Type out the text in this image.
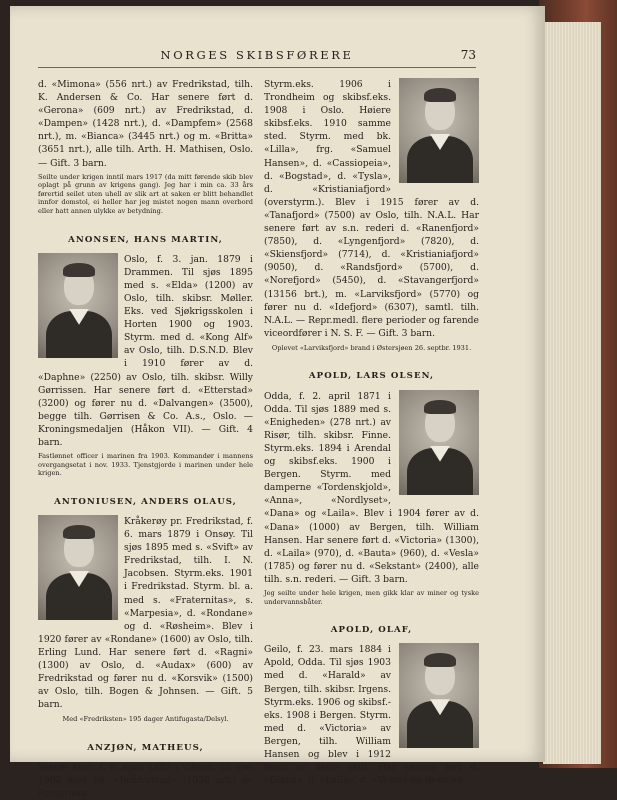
NORGES SKIBSFØRERE	73

d. «Mimona» (556 nrt.) av Fredrikstad, tilh. K. Andersen & Co. Har senere ført d. «Gerona» (609 nrt.) av Fredrikstad, d. «Dampen» (1428 nrt.), d. «Dampfem» (2568 nrt.), m. «Bianca» (3445 nrt.) og m. «Britta» (3651 nrt.), alle tilh. Arth. H. Mathisen, Oslo. — Gift. 3 barn.

Seilte under krigen inntil mars 1917 (da mitt førende skib blev oplagt på grunn av krigens gang). Jeg har i min ca. 33 års førertid seilet uten uhell av slik art at saken er blitt behandlet innfor domstol, ei heller har jeg mistet nogen mann overbord eller hatt annen ulykke av betydning.

ANONSEN, HANS MARTIN,

Oslo, f. 3. jan. 1879 i Drammen. Til sjøs 1895 med s. «Elda» (1200) av Oslo, tilh. skibsr. Møller. Eks. ved Sjøkrigsskolen i Horten 1900 og 1903. Styrm. med d. «Kong Alf» av Oslo, tilh. D.S.N.D. Blev i 1910 fører av d. «Daphne» (2250) av Oslo, tilh. skibsr. Willy Gørrissen. Har senere ført d. «Etterstad» (3200) og fører nu d. «Dalvangen» (3500), begge tilh. Gørrisen & Co. A.s., Oslo. — Kroningsmedaljen (Håkon VII). — Gift. 4 barn.

Fastlønnet officer i marinen fra 1903. Kommandør i mannens overgangsetat i nov. 1933. Tjenstgjorde i marinen under hele krigen.

ANTONIUSEN, ANDERS OLAUS,

Kråkerøy pr. Fredrikstad, f. 6. mars 1879 i Onsøy. Til sjøs 1895 med s. «Svift» av Fredrikstad, tilh. I. N. Jacobsen. Styrm.eks. 1901 i Fredrikstad. Styrm. bl. a. med s. «Fraternitas», s. «Marpesia», d. «Rondane» og d. «Røsheim». Blev i 1920 fører av «Rondane» (1600) av Oslo, tilh. Erling Lund. Har senere ført d. «Ragni» (1300) av Oslo, d. «Audax» (600) av Fredrikstad og fører nu d. «Korsvik» (1500) av Oslo, tilh. Bogen & Johnsen. — Gift. 5 barn.

Med «Fredriksten» 195 dager Antifugasta/Delsyl.

ANZJØN, MATHEUS,

Vestre Aker, f. 8. april 1885 i Vikten. Til sjøs 1902 med bk. «Jomfruland» (1030 nrt.) av Porsgrunn.

Styrm.eks. 1906 i Trondheim og skibsf.eks. 1908 i Oslo. Høiere skibsf.eks. 1910 samme sted. Styrm. med bk. «Lilla», frg. «Samuel Hansen», d. «Cassiopeia», d. «Bogstad», d. «Tysla», d. «Kristianiafjord» (overstyrm.). Blev i 1915 fører av d. «Tanafjord» (7500) av Oslo, tilh. N.A.L. Har senere ført av s.n. rederi d. «Ranenfjord» (7850), d. «Lyngenfjord» (7820), d. «Skiensfjord» (7714), d. «Kristianiafjord» (9050), d. «Randsfjord» (5700), d. «Norefjord» (5450), d. «Stavangerfjord» (13156 brt.), m. «Larviksfjord» (5770) og fører nu d. «Idefjord» (6307), samtl. tilh. N.A.L. — Repr.medl. flere perioder og farende viceordfører i N. S. F. — Gift. 3 barn.

Oplevet «Larviksfjord» brand i Østersjøen 26. septbr. 1931.

APOLD, LARS OLSEN,

Odda, f. 2. april 1871 i Odda. Til sjøs 1889 med s. «Enigheden» (278 nrt.) av Risør, tilh. skibsr. Finne. Styrm.eks. 1894 i Arendal og skibsf.eks. 1900 i Bergen. Styrm. med damperne «Tordenskjold», «Anna», «Nordlyset», «Dana» og «Laila». Blev i 1904 fører av d. «Dana» (1000) av Bergen, tilh. William Hansen. Har senere ført d. «Victoria» (1300), d. «Laila» (970), d. «Bauta» (960), d. «Vesla» (1785) og fører nu d. «Sekstant» (2400), alle tilh. s.n. rederi. — Gift. 3 barn.

Jeg seilte under hele krigen, men gikk klar av miner og tyske undervannsbåter.

APOLD, OLAF,

Geilo, f. 23. mars 1884 i Apold, Odda. Til sjøs 1903 med d. «Harald» av Bergen, tilh. skibsr. Irgens. Styrm.eks. 1906 og skibsf.-eks. 1908 i Bergen. Styrm. med d. «Victoria» av Bergen, tilh. William Hansen og blev i 1912 fører av dette skib. Har senere ført d. «Diana», d. «Laila», d. «Vesla» og fører nu
